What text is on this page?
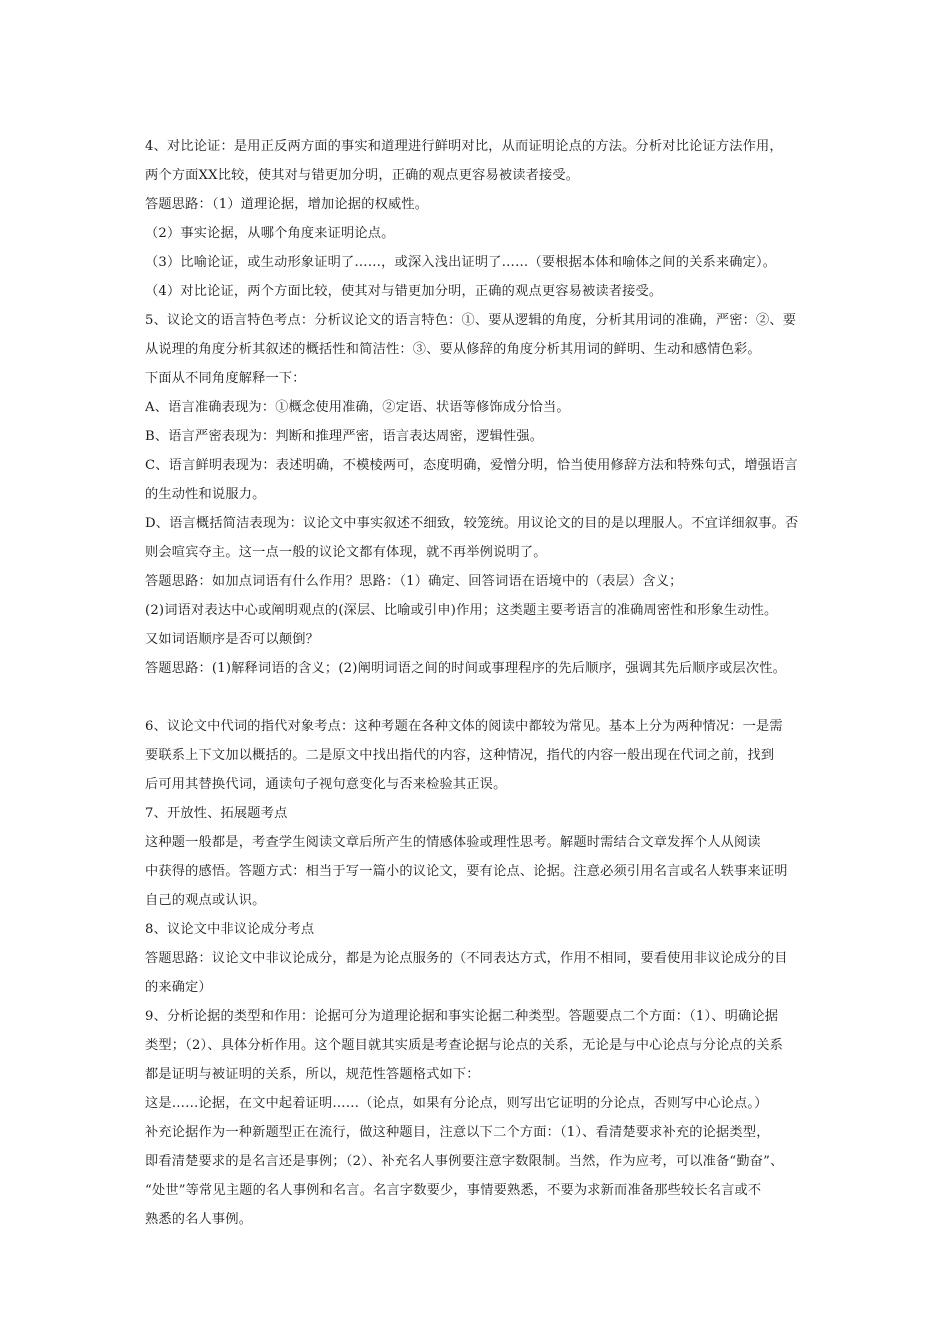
4、对比论证：是用正反两方面的事实和道理进行鲜明对比，从而证明论点的方法。分析对比论证方法作用，
两个方面XX比较，使其对与错更加分明，正确的观点更容易被读者接受。
答题思路：（1）道理论据，增加论据的权威性。
（2）事实论据，从哪个角度来证明论点。
（3）比喻论证，或生动形象证明了……，或深入浅出证明了……（要根据本体和喻体之间的关系来确定）。
（4）对比论证，两个方面比较，使其对与错更加分明，正确的观点更容易被读者接受。
5、议论文的语言特色考点：分析议论文的语言特色：①、要从逻辑的角度，分析其用词的准确，严密：②、要
从说理的角度分析其叙述的概括性和简洁性：③、要从修辞的角度分析其用词的鲜明、生动和感情色彩。
下面从不同角度解释一下：
A、语言准确表现为：①概念使用准确，②定语、状语等修饰成分恰当。
B、语言严密表现为：判断和推理严密，语言表达周密，逻辑性强。
C、语言鲜明表现为：表述明确，不模棱两可，态度明确，爱憎分明，恰当使用修辞方法和特殊句式，增强语言
的生动性和说服力。
D、语言概括简洁表现为：议论文中事实叙述不细致，较笼统。用议论文的目的是以理服人。不宜详细叙事。否
则会喧宾夺主。这一点一般的议论文都有体现，就不再举例说明了。
答题思路：如加点词语有什么作用？思路：（1）确定、回答词语在语境中的（表层）含义；
(2)词语对表达中心或阐明观点的(深层、比喻或引申)作用；这类题主要考语言的准确周密性和形象生动性。
又如词语顺序是否可以颠倒？
答题思路：(1)解释词语的含义；(2)阐明词语之间的时间或事理程序的先后顺序，强调其先后顺序或层次性。
6、议论文中代词的指代对象考点：这种考题在各种文体的阅读中都较为常见。基本上分为两种情况：一是需
要联系上下文加以概括的。二是原文中找出指代的内容，这种情况，指代的内容一般出现在代词之前，找到
后可用其替换代词，通读句子视句意变化与否来检验其正误。
7、开放性、拓展题考点
这种题一般都是，考查学生阅读文章后所产生的情感体验或理性思考。解题时需结合文章发挥个人从阅读
中获得的感悟。答题方式：相当于写一篇小的议论文，要有论点、论据。注意必须引用名言或名人轶事来证明
自己的观点或认识。
8、议论文中非议论成分考点
答题思路：议论文中非议论成分，都是为论点服务的（不同表达方式，作用不相同，要看使用非议论成分的目
的来确定）
9、分析论据的类型和作用：论据可分为道理论据和事实论据二种类型。答题要点二个方面：（1）、明确论据
类型；（2）、具体分析作用。这个题目就其实质是考查论据与论点的关系，无论是与中心论点与分论点的关系
都是证明与被证明的关系，所以，规范性答题格式如下：
这是……论据，在文中起着证明……（论点，如果有分论点，则写出它证明的分论点，否则写中心论点。）
补充论据作为一种新题型正在流行，做这种题目，注意以下二个方面：（1）、看清楚要求补充的论据类型，
即看清楚要求的是名言还是事例；（2）、补充名人事例要注意字数限制。当然，作为应考，可以准备“勤奋”、
“处世”等常见主题的名人事例和名言。名言字数要少，事情要熟悉，不要为求新而准备那些较长名言或不
熟悉的名人事例。
